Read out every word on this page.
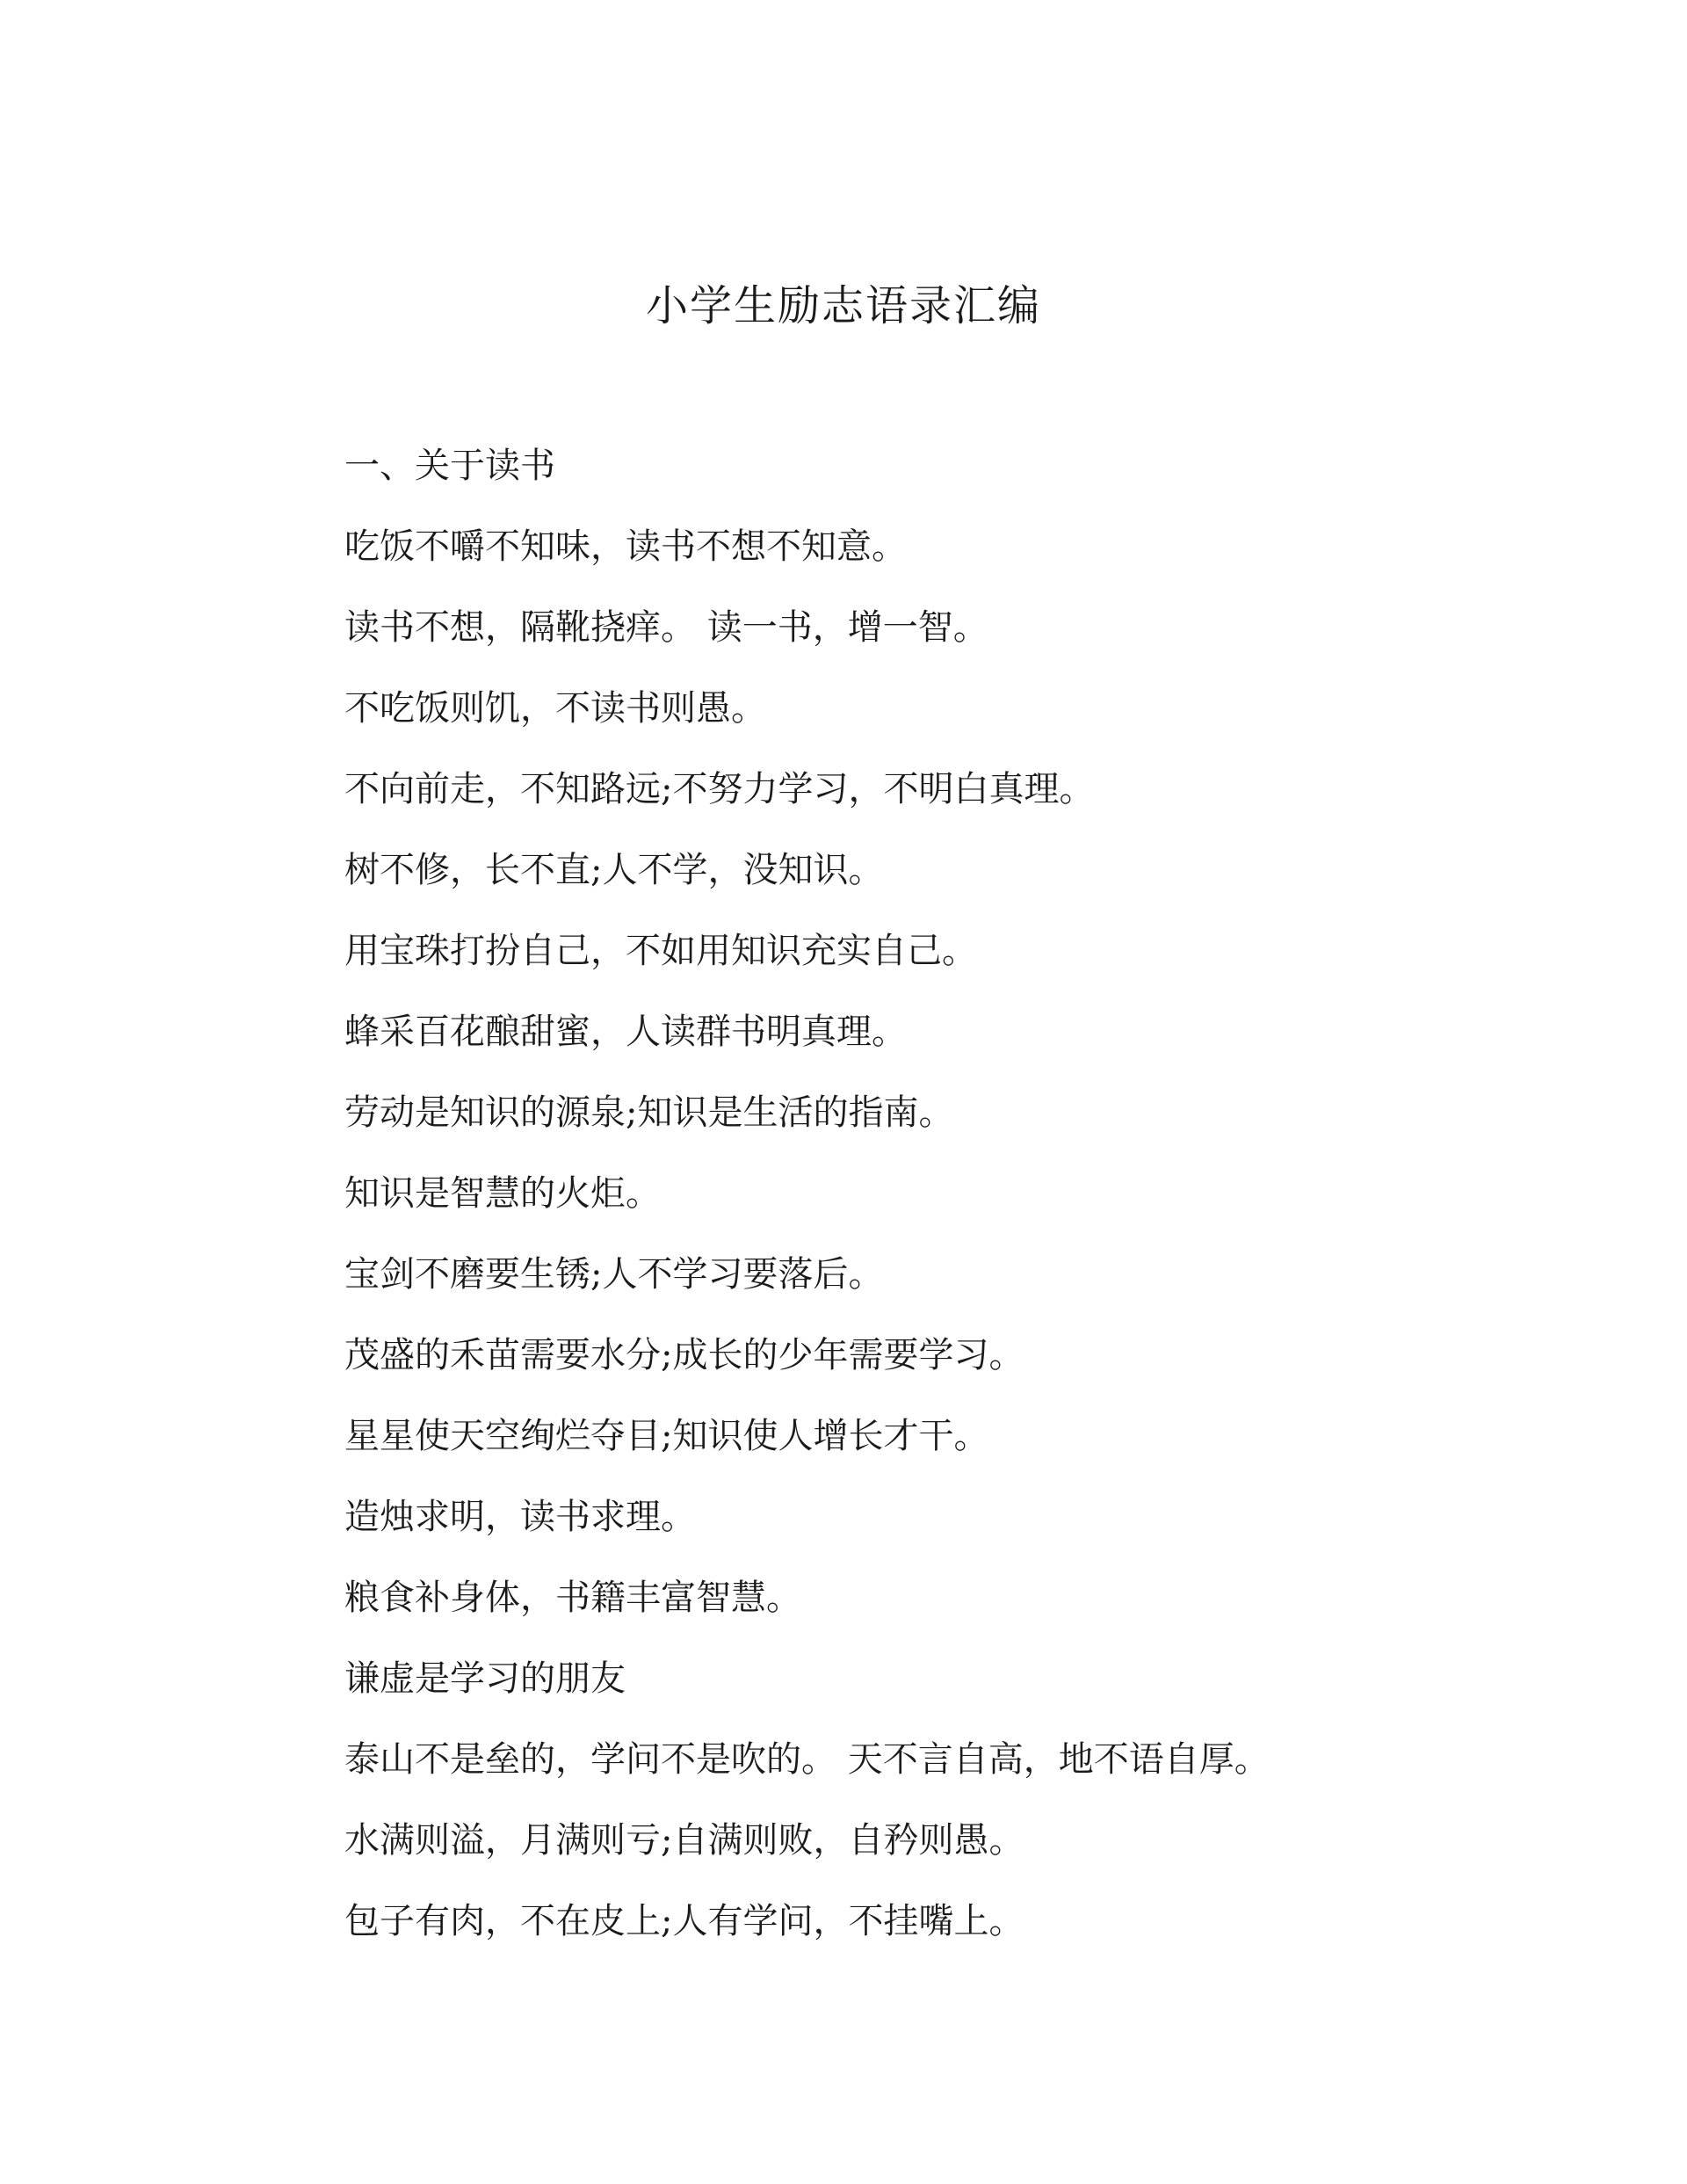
小学生励志语录汇编
一、关于读书
吃饭不嚼不知味，读书不想不知意。
读书不想，隔靴挠痒。 读一书，增一智。
不吃饭则饥，不读书则愚。
不向前走，不知路远;不努力学习，不明白真理。
树不修，长不直;人不学，没知识。
用宝珠打扮自己，不如用知识充实自己。
蜂采百花酿甜蜜，人读群书明真理。
劳动是知识的源泉;知识是生活的指南。
知识是智慧的火炬。
宝剑不磨要生锈;人不学习要落后。
茂盛的禾苗需要水分;成长的少年需要学习。
星星使天空绚烂夺目;知识使人增长才干。
造烛求明，读书求理。
粮食补身体，书籍丰富智慧。
谦虚是学习的朋友
泰山不是垒的，学问不是吹的。 天不言自高，地不语自厚。
水满则溢，月满则亏;自满则败，自矜则愚。
包子有肉，不在皮上;人有学问，不挂嘴上。
